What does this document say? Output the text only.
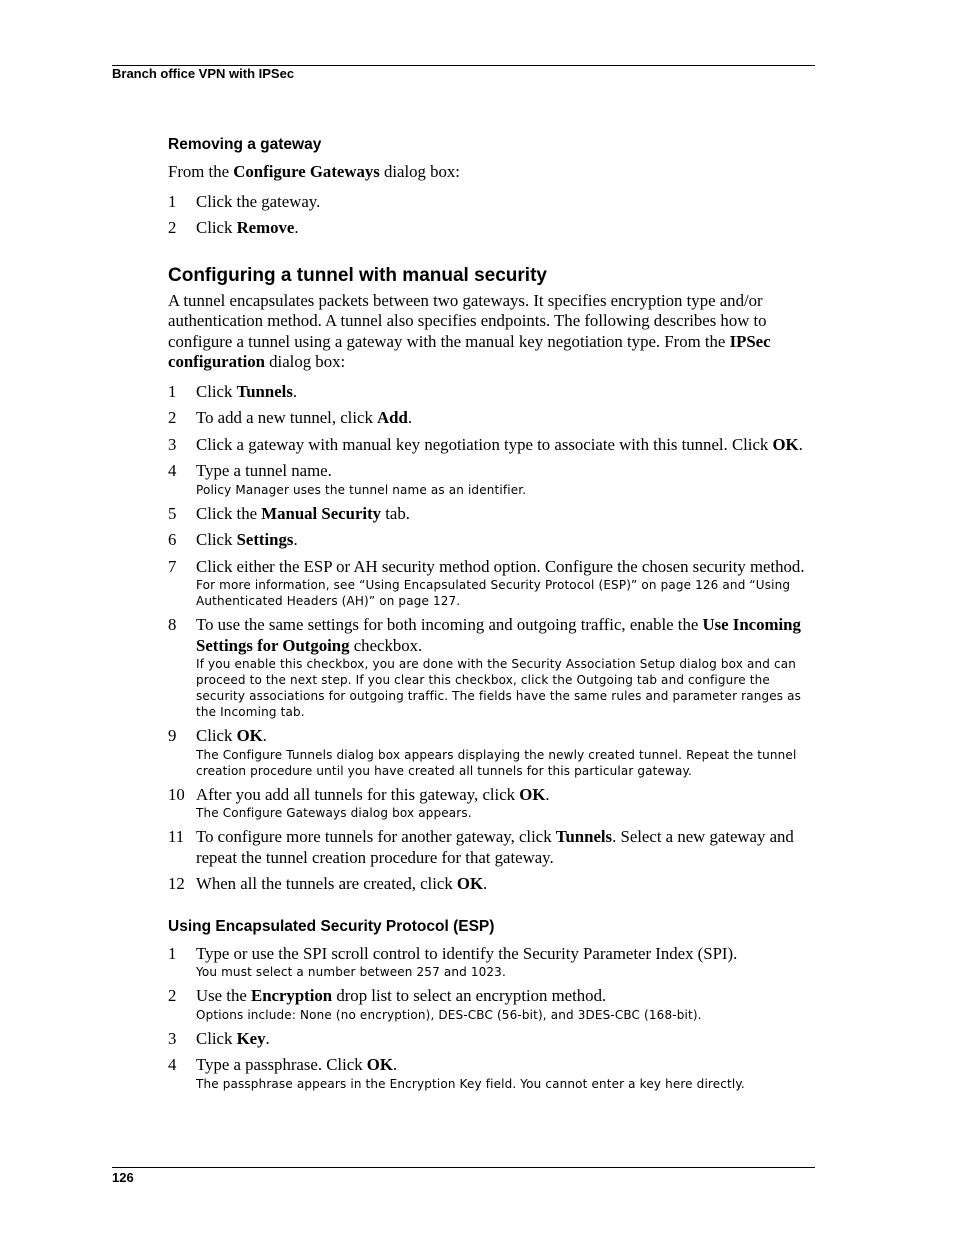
Branch office VPN with IPSec
Removing a gateway

From the Configure Gateways dialog box:

1 Click the gateway.
2 Click Remove.
Configuring a tunnel with manual security

A tunnel encapsulates packets between two gateways. It specifies encryption type and/or authentication method. A tunnel also specifies endpoints. The following describes how to configure a tunnel using a gateway with the manual key negotiation type. From the IPSec configuration dialog box:

1 Click Tunnels.
2 To add a new tunnel, click Add.
3 Click a gateway with manual key negotiation type to associate with this tunnel. Click OK.
4 Type a tunnel name.
Policy Manager uses the tunnel name as an identifier.
5 Click the Manual Security tab.
6 Click Settings.
7 Click either the ESP or AH security method option. Configure the chosen security method.
For more information, see “Using Encapsulated Security Protocol (ESP)” on page 126 and “Using Authenticated Headers (AH)” on page 127.
8 To use the same settings for both incoming and outgoing traffic, enable the Use Incoming Settings for Outgoing checkbox.
If you enable this checkbox, you are done with the Security Association Setup dialog box and can proceed to the next step. If you clear this checkbox, click the Outgoing tab and configure the security associations for outgoing traffic. The fields have the same rules and parameter ranges as the Incoming tab.
9 Click OK.
The Configure Tunnels dialog box appears displaying the newly created tunnel. Repeat the tunnel creation procedure until you have created all tunnels for this particular gateway.
10 After you add all tunnels for this gateway, click OK.
The Configure Gateways dialog box appears.
11 To configure more tunnels for another gateway, click Tunnels. Select a new gateway and repeat the tunnel creation procedure for that gateway.
12 When all the tunnels are created, click OK.
Using Encapsulated Security Protocol (ESP)
1 Type or use the SPI scroll control to identify the Security Parameter Index (SPI).
You must select a number between 257 and 1023.
2 Use the Encryption drop list to select an encryption method.
Options include: None (no encryption), DES-CBC (56-bit), and 3DES-CBC (168-bit).
3 Click Key.
4 Type a passphrase. Click OK.
The passphrase appears in the Encryption Key field. You cannot enter a key here directly.
126
